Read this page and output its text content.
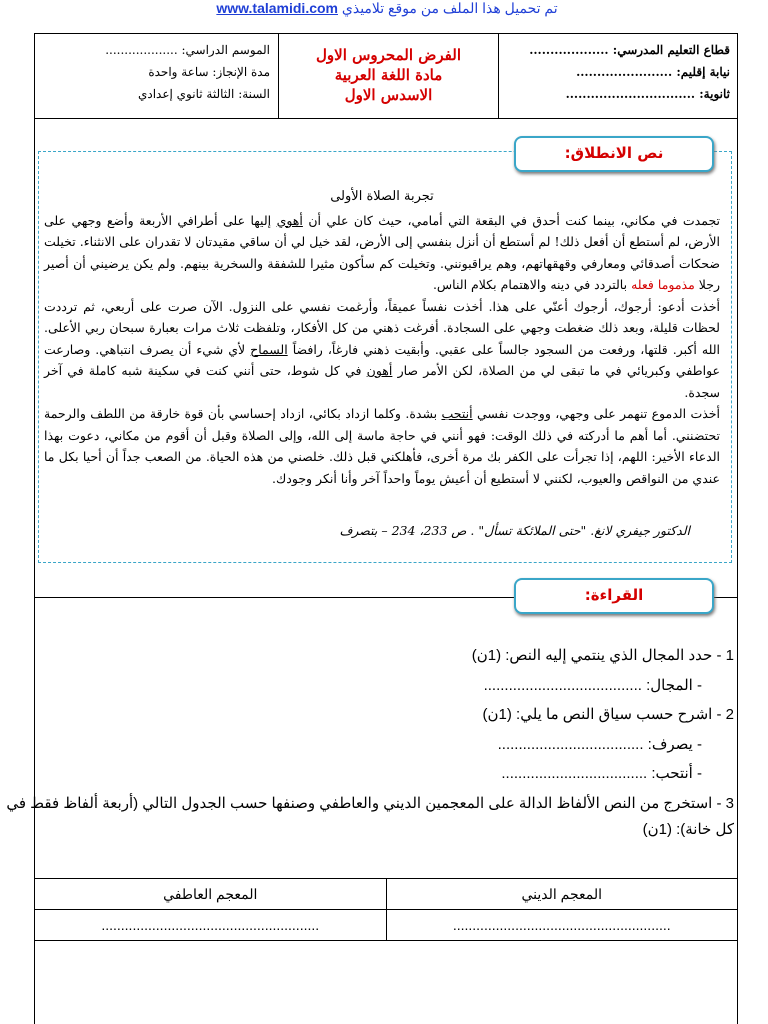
www.talamidi.com تم تحميل هذا الملف من موقع تلاميذي
قطاع التعليم المدرسي: ...................
نيابة إقليم: .......................
ثانوية: ...............................
الفرض المحروس الاول
مادة اللغة العربية
الاسدس الاول
الموسم الدراسي: ...................
مدة الإنجاز: ساعة واحدة
السنة: الثالثة ثانوي إعدادي
نص الانطلاق:
تجربة الصلاة الأولى

تجمدت في مكاني، بينما كنت أحدق في البقعة التي أمامي، حيث كان علي أن أهوي إليها على أطرافي الأربعة وأضع وجهي على الأرض، لم أستطع أن أفعل ذلك! لم أستطع أن أنزل بنفسي إلى الأرض، لقد خيل لي أن ساقي مقيدتان لا تقدران على الانثناء. تخيلت ضحكات أصدقائي ومعارفي وقهقهاتهم، وهم يراقبونني. وتخيلت كم سأكون مثيرا للشفقة والسخرية بينهم. ولم يكن يرضيني أن أصير رجلا مذموما فعله بالتردد في دينه والاهتمام بكلام الناس.

أخذت أدعو: أرجوك، أرجوك أعنّي على هذا. أخذت نفساً عميقاً، وأرغمت نفسي على النزول. الآن صرت على أربعي، ثم ترددت لحظات قليلة، وبعد ذلك ضغطت وجهي على السجادة. أفرغت ذهني من كل الأفكار، وتلفظت ثلاث مرات بعبارة سبحان ربي الأعلى. الله أكبر. قلتها، ورفعت من السجود جالساً على عقبي. وأبقيت ذهني فارغاً، رافضاً السماح لأي شيء أن يصرف انتباهي. وصارعت عواطفي وكبريائي في ما تبقى لي من الصلاة، لكن الأمر صار أهون في كل شوط، حتى أنني كنت في سكينة شبه كاملة في آخر سجدة.

أخذت الدموع تنهمر على وجهي، ووجدت نفسي أنتحب بشدة. وكلما ازداد بكائي، ازداد إحساسي بأن قوة خارقة من اللطف والرحمة تحتضنني. أما أهم ما أدركته في ذلك الوقت: فهو أنني في حاجة ماسة إلى الله، وإلى الصلاة وقبل أن أقوم من مكاني، دعوت بهذا الدعاء الأخير: اللهم، إذا تجرأت على الكفر بك مرة أخرى، فأهلكني قبل ذلك. خلصني من هذه الحياة. من الصعب جداً أن أحيا بكل ما عندي من النواقص والعيوب، لكنني لا أستطيع أن أعيش يوماً واحداً آخر وأنا أنكر وجودك.

الدكتور جيفري لانغ. "حتى الملائكة تسأل" . ص 233، 234 – بتصرف
القراءة:
1 - حدد المجال الذي ينتمي إليه النص: (1ن)
- المجال: ......................................
2 - اشرح حسب سياق النص ما يلي: (1ن)
- يصرف: ...................................
- أنتحب: ...................................
3 - استخرج من النص الألفاظ الدالة على المعجمين الديني والعاطفي وصنفها حسب الجدول التالي (أربعة ألفاظ فقط في
كل خانة): (1ن)
المعجم الديني	المعجم العاطفي
........................................................	........................................................
